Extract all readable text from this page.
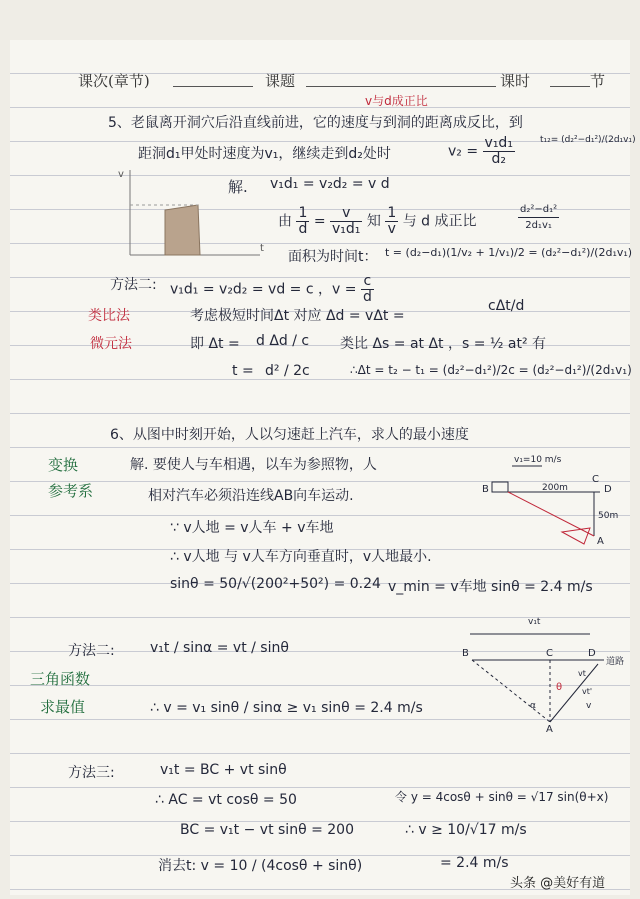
课次(章节)	课题	课时	节
v与d成正比
5、老鼠离开洞穴后沿直线前进，它的速度与到洞的距离成反比，到
距洞d₁甲处时速度为v₁，继续走到d₂处时	$v_2 = \frac{\text{v₁d₁}}{\text{d₂}}$	t₁₂= (d₂²−d₁²)/(2d₁v₁)
t
v
解. v₁d₁ = v₂d₂ = v d
由 $\frac{1}{d} = \frac{v}{\text{v₁d₁}}$ 知 $\frac{1}{v}$ 与 d 成正比	$\frac{\text{d₂²−d₁²}}{\text{2d₁v₁}}$
面积为时间t： t = (d₂−d₁)(1/v₂ + 1/v₁)/2 = (d₂²−d₁²)/(2d₁v₁)
方法二: v₁d₁ = v₂d₂ = vd = c ，$v = \frac{c}{d}$
类比法	考虑极短时间Δt 对应 Δd = vΔt =
cΔt/d
微元法	即 Δt = d Δd / c 类比 Δs = at Δt ，s = ½ at² 有
t = d² / 2c	∴Δt = t₂ − t₁ = (d₂²−d₁²)/2c = (d₂²−d₁²)/(2d₁v₁)
6、从图中时刻开始，人以匀速赶上汽车，求人的最小速度
变换
参考系
解. 要使人与车相遇，以车为参照物，人
相对汽车必须沿连线AB向车运动.
∵ v人地 = v人车 + v车地
∴ v人地 与 v人车方向垂直时，v人地最小.
sinθ = 50/√(200²+50²) = 0.24 v_min = v车地 sinθ = 2.4 m/s
v₁=10 m/s
B	200m
C
D
50m
A
方法二:	v₁t / sinα = vt / sinθ
三角函数
求最值	∴ v = v₁ sinθ / sinα ≥ v₁ sinθ = 2.4 m/s
v₁t
B	C	D
道路
vt
θ
α	v
vt'
A
方法三:	v₁t = BC + vt sinθ
∴ AC = vt cosθ = 50	令 y = 4cosθ + sinθ = √17 sin(θ+x)
BC = v₁t − vt sinθ = 200	∴ v ≥ 10/√17 m/s
消去t: v = 10 / (4cosθ + sinθ)	= 2.4 m/s
头条 @美好有道
